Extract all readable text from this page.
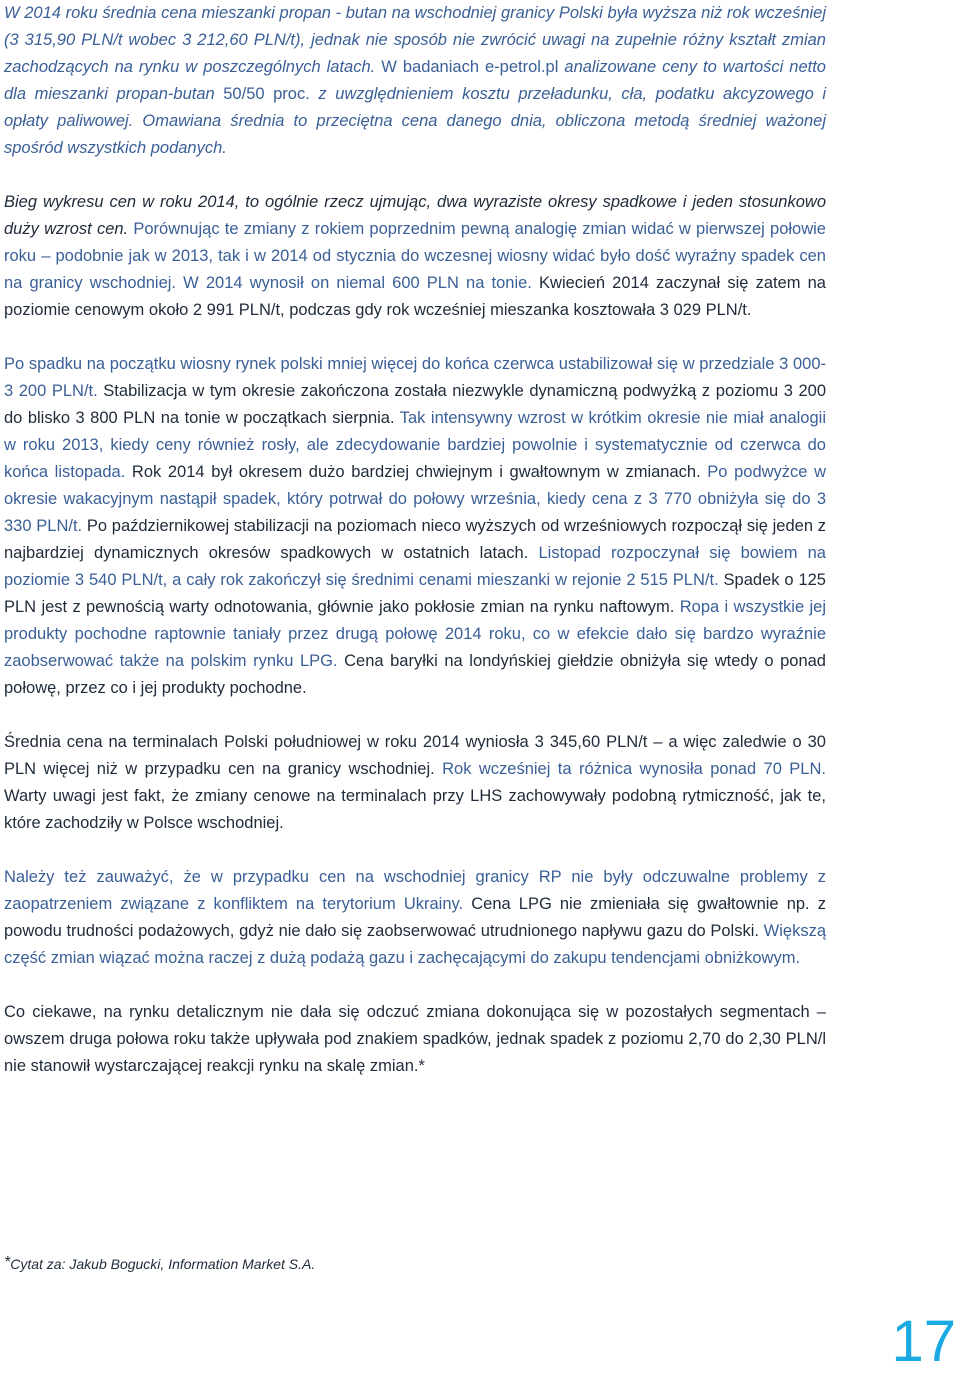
W 2014 roku średnia cena mieszanki propan - butan na wschodniej granicy Polski była wyższa niż rok wcześniej (3 315,90 PLN/t wobec 3 212,60 PLN/t), jednak nie sposób nie zwrócić uwagi na zupełnie różny kształt zmian zachodzących na rynku w poszczególnych latach. W badaniach e-petrol.pl analizowane ceny to wartości netto dla mieszanki propan-butan 50/50 proc. z uwzględnieniem kosztu przeładunku, cła, podatku akcyzowego i opłaty paliwowej. Omawiana średnia to przeciętna cena danego dnia, obliczona metodą średniej ważonej spośród wszystkich podanych.

Bieg wykresu cen w roku 2014, to ogólnie rzecz ujmując, dwa wyraziste okresy spadkowe i jeden stosunkowo duży wzrost cen. Porównując te zmiany z rokiem poprzednim pewną analogię zmian widać w pierwszej połowie roku – podobnie jak w 2013, tak i w 2014 od stycznia do wczesnej wiosny widać było dość wyraźny spadek cen na granicy wschodniej. W 2014 wynosił on niemal 600 PLN na tonie. Kwiecień 2014 zaczynał się zatem na poziomie cenowym około 2 991 PLN/t, podczas gdy rok wcześniej mieszanka kosztowała 3 029 PLN/t.

Po spadku na początku wiosny rynek polski mniej więcej do końca czerwca ustabilizował się w przedziale 3 000-3 200 PLN/t. Stabilizacja w tym okresie zakończona została niezwykle dynamiczną podwyżką z poziomu 3 200 do blisko 3 800 PLN na tonie w początkach sierpnia. Tak intensywny wzrost w krótkim okresie nie miał analogii w roku 2013, kiedy ceny również rosły, ale zdecydowanie bardziej powolnie i systematycznie od czerwca do końca listopada. Rok 2014 był okresem dużo bardziej chwiejnym i gwałtownym w zmianach. Po podwyżce w okresie wakacyjnym nastąpił spadek, który potrwał do połowy września, kiedy cena z 3 770 obniżyła się do 3 330 PLN/t. Po październikowej stabilizacji na poziomach nieco wyższych od wrześniowych rozpoczął się jeden z najbardziej dynamicznych okresów spadkowych w ostatnich latach. Listopad rozpoczynał się bowiem na poziomie 3 540 PLN/t, a cały rok zakończył się średnimi cenami mieszanki w rejonie 2 515 PLN/t. Spadek o 125 PLN jest z pewnością warty odnotowania, głównie jako pokłosie zmian na rynku naftowym. Ropa i wszystkie jej produkty pochodne raptownie taniały przez drugą połowę 2014 roku, co w efekcie dało się bardzo wyraźnie zaobserwować także na polskim rynku LPG. Cena baryłki na londyńskiej giełdzie obniżyła się wtedy o ponad połowę, przez co i jej produkty pochodne.

Średnia cena na terminalach Polski południowej w roku 2014 wyniosła 3 345,60 PLN/t – a więc zaledwie o 30 PLN więcej niż w przypadku cen na granicy wschodniej. Rok wcześniej ta różnica wynosiła ponad 70 PLN. Warty uwagi jest fakt, że zmiany cenowe na terminalach przy LHS zachowywały podobną rytmiczność, jak te, które zachodziły w Polsce wschodniej.

Należy też zauważyć, że w przypadku cen na wschodniej granicy RP nie były odczuwalne problemy z zaopatrzeniem związane z konfliktem na terytorium Ukrainy. Cena LPG nie zmieniała się gwałtownie np. z powodu trudności podażowych, gdyż nie dało się zaobserwować utrudnionego napływu gazu do Polski. Większą część zmian wiązać można raczej z dużą podażą gazu i zachęcającymi do zakupu tendencjami obniżkowym.

Co ciekawe, na rynku detalicznym nie dała się odczuć zmiana dokonująca się w pozostałych segmentach – owszem druga połowa roku także upływała pod znakiem spadków, jednak spadek z poziomu 2,70 do 2,30 PLN/l nie stanowił wystarczającej reakcji rynku na skalę zmian.*

*Cytat za: Jakub Bogucki, Information Market S.A.

17
